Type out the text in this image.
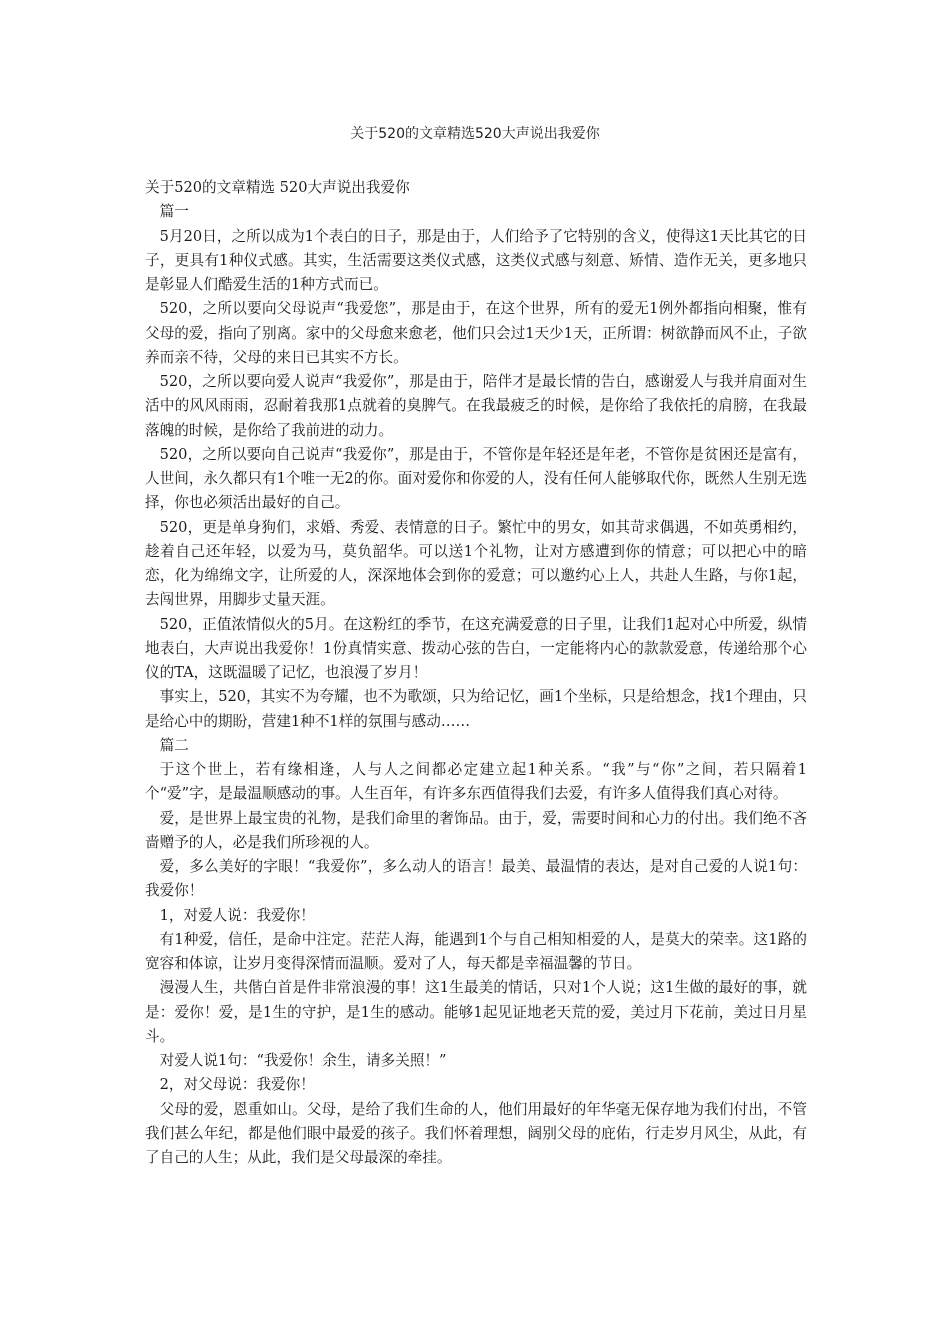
关于520的文章精选520大声说出我爱你

关于520的文章精选 520大声说出我爱你

篇一

5月20日，之所以成为1个表白的日子，那是由于，人们给予了它特别的含义，使得这1天比其它的日子，更具有1种仪式感。其实，生活需要这类仪式感，这类仪式感与刻意、矫情、造作无关，更多地只是彰显人们酷爱生活的1种方式而已。

520，之所以要向父母说声“我爱您”，那是由于，在这个世界，所有的爱无1例外都指向相聚，惟有父母的爱，指向了别离。家中的父母愈来愈老，他们只会过1天少1天，正所谓：树欲静而风不止，子欲养而亲不待，父母的来日已其实不方长。

520，之所以要向爱人说声“我爱你”，那是由于，陪伴才是最长情的告白，感谢爱人与我并肩面对生活中的风风雨雨，忍耐着我那1点就着的臭脾气。在我最疲乏的时候，是你给了我依托的肩膀，在我最落魄的时候，是你给了我前进的动力。

520，之所以要向自己说声“我爱你”，那是由于，不管你是年轻还是年老，不管你是贫困还是富有，人世间，永久都只有1个唯一无2的你。面对爱你和你爱的人，没有任何人能够取代你，既然人生别无选择，你也必须活出最好的自己。

520，更是单身狗们，求婚、秀爱、表情意的日子。繁忙中的男女，如其苛求偶遇，不如英勇相约，趁着自己还年轻，以爱为马，莫负韶华。可以送1个礼物，让对方感遭到你的情意；可以把心中的暗恋，化为绵绵文字，让所爱的人，深深地体会到你的爱意；可以邀约心上人，共赴人生路，与你1起，去闯世界，用脚步丈量天涯。

520，正值浓情似火的5月。在这粉红的季节，在这充满爱意的日子里，让我们1起对心中所爱，纵情地表白，大声说出我爱你！1份真情实意、拨动心弦的告白，一定能将内心的款款爱意，传递给那个心仪的TA，这既温暖了记忆，也浪漫了岁月！

事实上，520，其实不为夸耀，也不为歌颂，只为给记忆，画1个坐标，只是给想念，找1个理由，只是给心中的期盼，营建1种不1样的氛围与感动……

篇二

于这个世上，若有缘相逢，人与人之间都必定建立起1种关系。“我”与“你”之间，若只隔着1个“爱”字，是最温顺感动的事。人生百年，有许多东西值得我们去爱，有许多人值得我们真心对待。

爱，是世界上最宝贵的礼物，是我们命里的奢饰品。由于，爱，需要时间和心力的付出。我们绝不吝啬赠予的人，必是我们所珍视的人。

爱，多么美好的字眼！“我爱你”，多么动人的语言！最美、最温情的表达，是对自己爱的人说1句：我爱你！

1，对爱人说：我爱你！

有1种爱，信任，是命中注定。茫茫人海，能遇到1个与自己相知相爱的人，是莫大的荣幸。这1路的宽容和体谅，让岁月变得深情而温顺。爱对了人，每天都是幸福温馨的节日。

漫漫人生，共偕白首是件非常浪漫的事！这1生最美的情话，只对1个人说；这1生做的最好的事，就是：爱你！爱，是1生的守护，是1生的感动。能够1起见证地老天荒的爱，美过月下花前，美过日月星斗。

对爱人说1句：“我爱你！余生，请多关照！”

2，对父母说：我爱你！

父母的爱，恩重如山。父母，是给了我们生命的人，他们用最好的年华毫无保存地为我们付出，不管我们甚么年纪，都是他们眼中最爱的孩子。我们怀着理想，阔别父母的庇佑，行走岁月风尘，从此，有了自己的人生；从此，我们是父母最深的牵挂。
